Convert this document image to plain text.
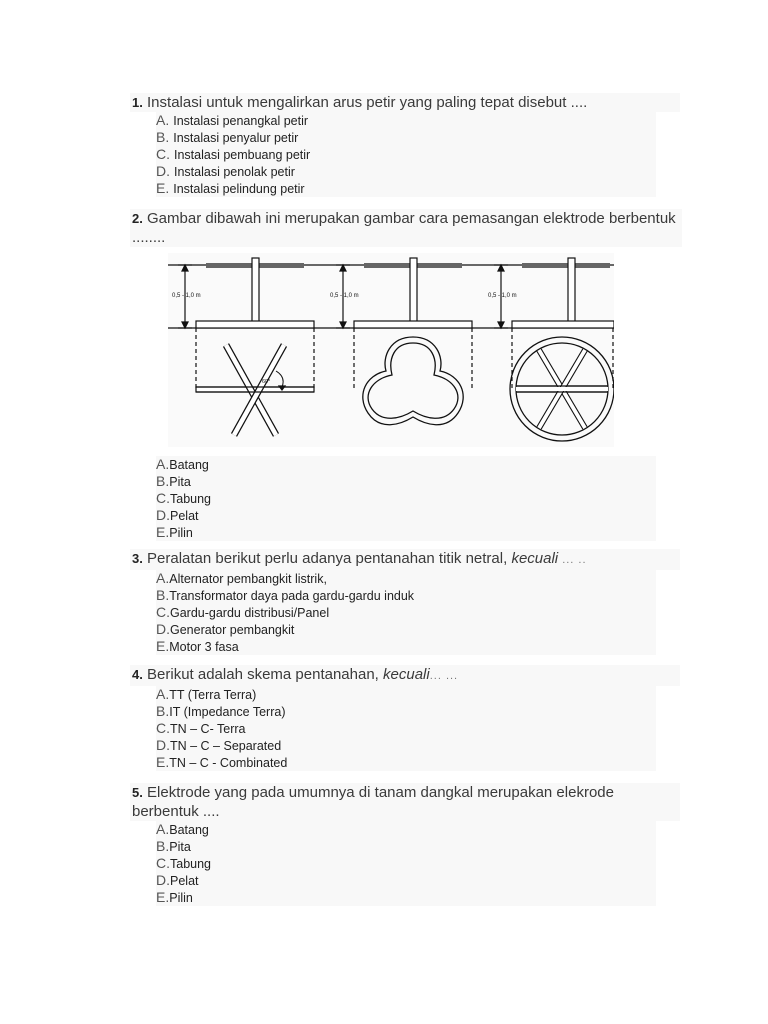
1. Instalasi untuk mengalirkan arus petir yang paling tepat disebut ....
A. Instalasi penangkal petir
B. Instalasi penyalur petir
C. Instalasi pembuang petir
D. Instalasi penolak petir
E. Instalasi pelindung petir
2. Gambar dibawah ini merupakan gambar cara pemasangan elektrode berbentuk ........
0,5 - 1,0 m	0,5 - 1,0 m	0,5 - 1,0 m
60°
A.Batang
B.Pita
C.Tabung
D.Pelat
E.Pilin
3. Peralatan berikut perlu adanya pentanahan titik netral, kecuali ... ..
A.Alternator pembangkit listrik,
B.Transformator daya pada gardu-gardu induk
C.Gardu-gardu distribusi/Panel
D.Generator pembangkit
E.Motor 3 fasa
4. Berikut adalah skema pentanahan, kecuali... ...
A.TT (Terra Terra)
B.IT (Impedance Terra)
C.TN – C- Terra
D.TN – C – Separated
E.TN – C - Combinated
5. Elektrode yang pada umumnya di tanam dangkal merupakan elekrode berbentuk ....
A.Batang
B.Pita
C.Tabung
D.Pelat
E.Pilin
